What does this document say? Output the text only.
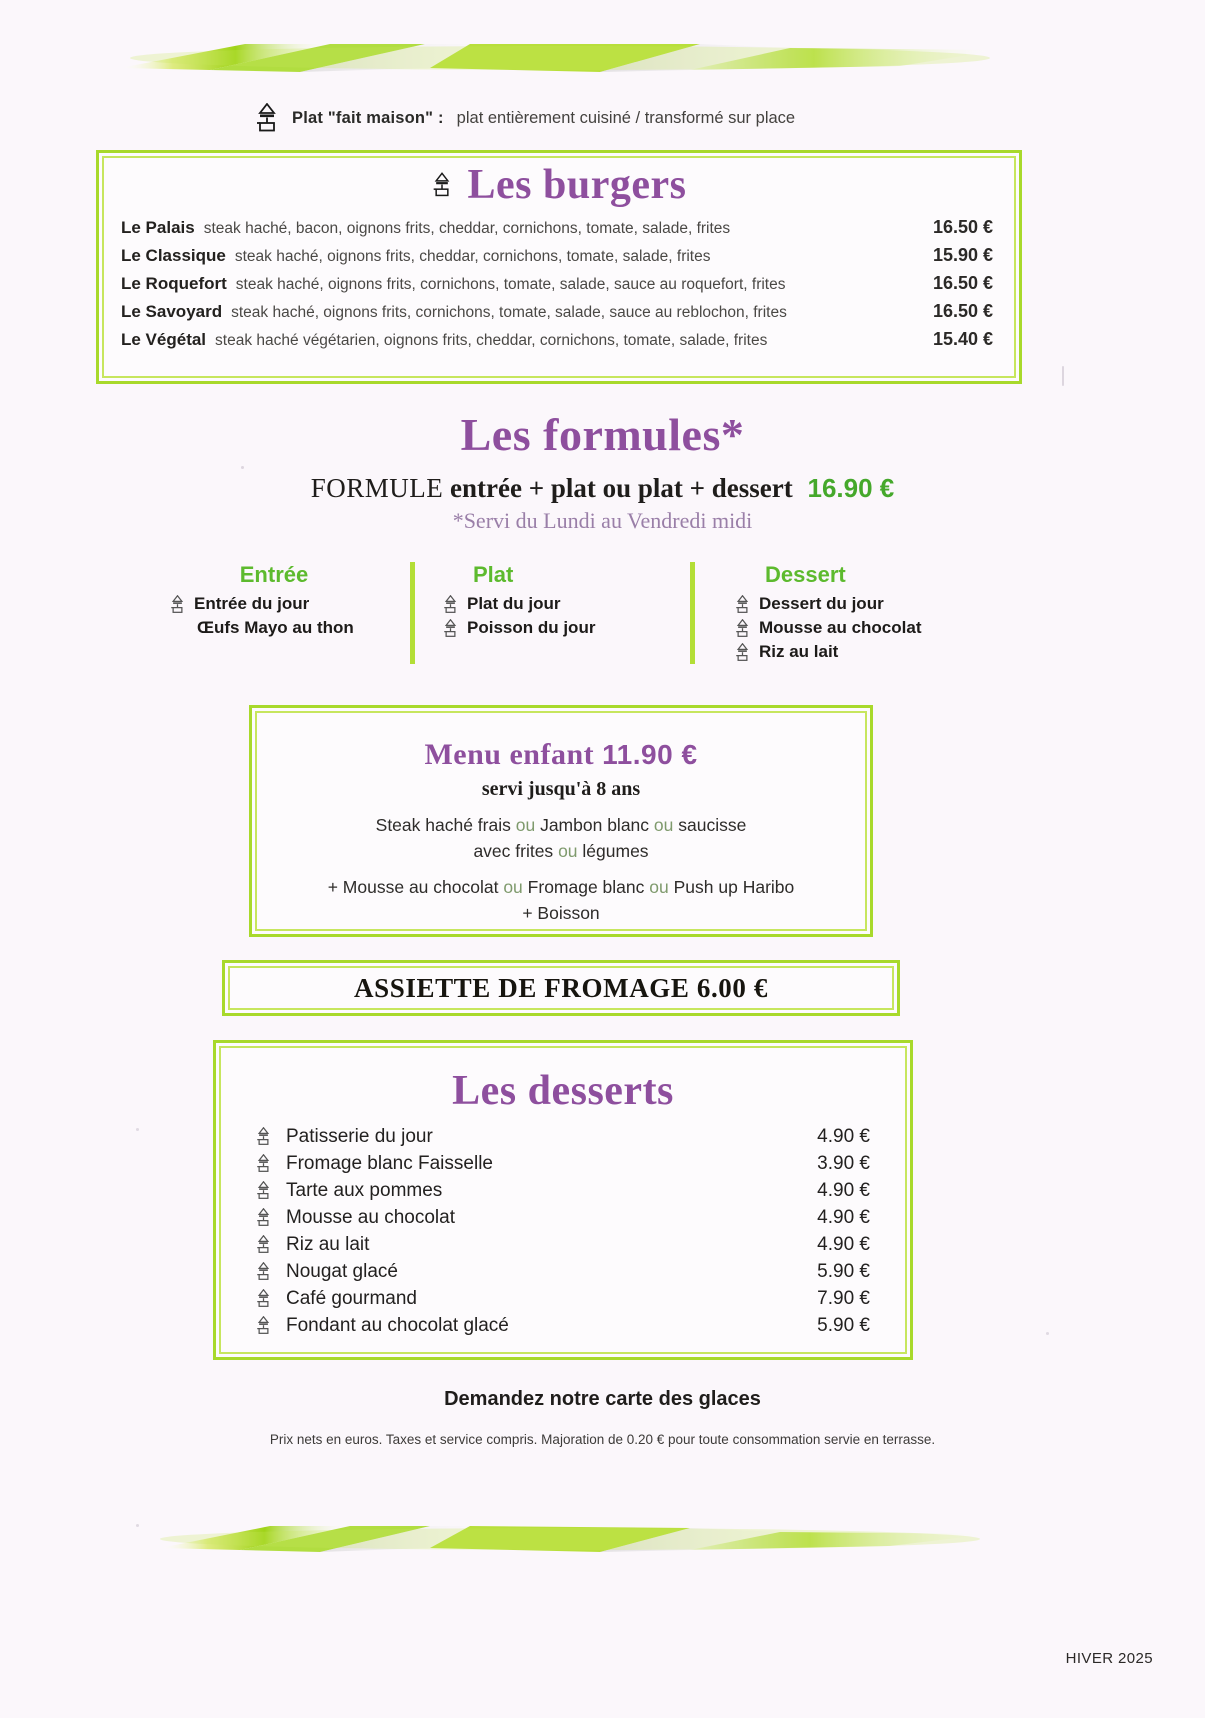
Plat "fait maison" : plat entièrement cuisiné / transformé sur place
Les burgers
Le Palais steak haché, bacon, oignons frits, cheddar, cornichons, tomate, salade, frites	16.50 €
Le Classique steak haché, oignons frits, cheddar, cornichons, tomate, salade, frites	15.90 €
Le Roquefort steak haché, oignons frits, cornichons, tomate, salade, sauce au roquefort, frites	16.50 €
Le Savoyard steak haché, oignons frits, cornichons, tomate, salade, sauce au reblochon, frites	16.50 €
Le Végétal steak haché végétarien, oignons frits, cheddar, cornichons, tomate, salade, frites	15.40 €
Les formules*
FORMULE entrée + plat ou plat + dessert 16.90 €
*Servi du Lundi au Vendredi midi
Entrée
Entrée du jour
Œufs Mayo au thon
Plat
Plat du jour
Poisson du jour
Dessert
Dessert du jour
Mousse au chocolat
Riz au lait
Menu enfant 11.90 €
servi jusqu'à 8 ans
Steak haché frais ou Jambon blanc ou saucisse
avec frites ou légumes
+ Mousse au chocolat ou Fromage blanc ou Push up Haribo
+ Boisson
ASSIETTE DE FROMAGE 6.00 €
Les desserts
Patisserie du jour	4.90 €
Fromage blanc Faisselle	3.90 €
Tarte aux pommes	4.90 €
Mousse au chocolat	4.90 €
Riz au lait	4.90 €
Nougat glacé	5.90 €
Café gourmand	7.90 €
Fondant au chocolat glacé	5.90 €
Demandez notre carte des glaces
Prix nets en euros. Taxes et service compris. Majoration de 0.20 € pour toute consommation servie en terrasse.
HIVER 2025
